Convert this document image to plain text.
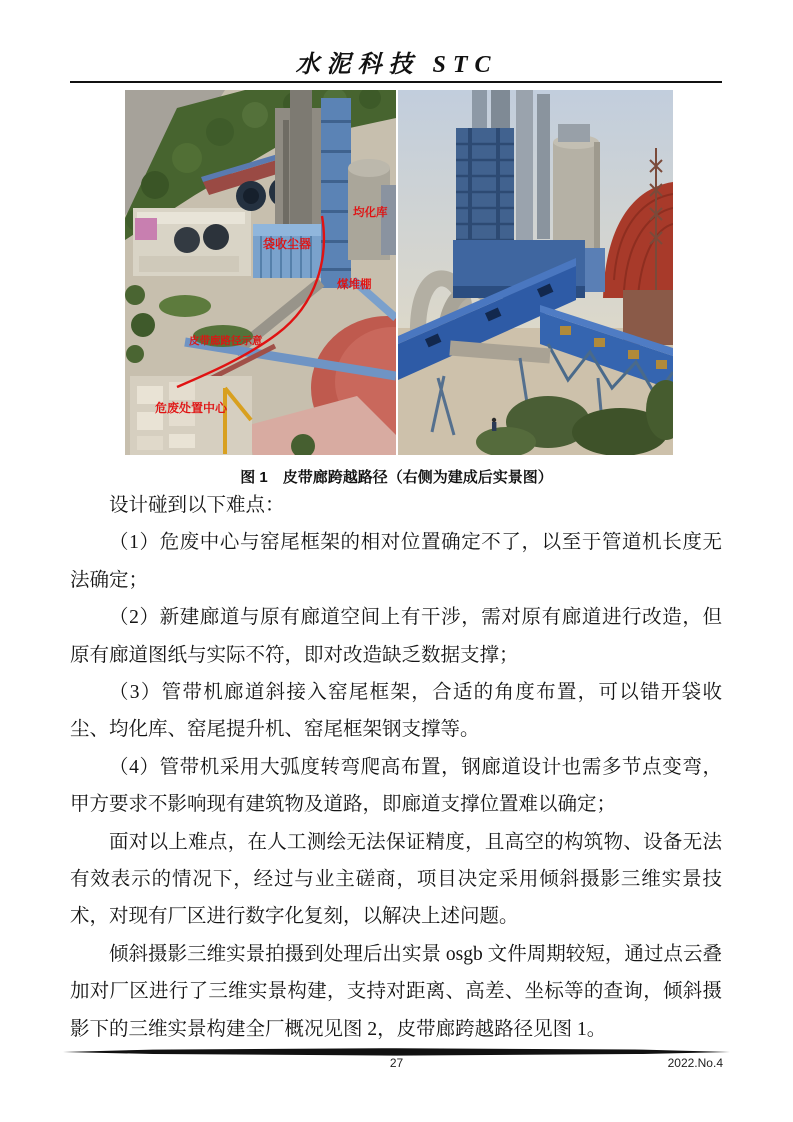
水泥科技 STC
均化库
袋收尘器
煤堆棚
皮带廊路径示意
危废处置中心
图 1　皮带廊跨越路径（右侧为建成后实景图）

设计碰到以下难点：

（1）危废中心与窑尾框架的相对位置确定不了，以至于管道机长度无法确定；

（2）新建廊道与原有廊道空间上有干涉，需对原有廊道进行改造，但原有廊道图纸与实际不符，即对改造缺乏数据支撑；

（3）管带机廊道斜接入窑尾框架，合适的角度布置，可以错开袋收尘、均化库、窑尾提升机、窑尾框架钢支撑等。

（4）管带机采用大弧度转弯爬高布置，钢廊道设计也需多节点变弯，甲方要求不影响现有建筑物及道路，即廊道支撑位置难以确定；

面对以上难点，在人工测绘无法保证精度，且高空的构筑物、设备无法有效表示的情况下，经过与业主磋商，项目决定采用倾斜摄影三维实景技术，对现有厂区进行数字化复刻，以解决上述问题。

倾斜摄影三维实景拍摄到处理后出实景 osgb 文件周期较短，通过点云叠加对厂区进行了三维实景构建，支持对距离、高差、坐标等的查询，倾斜摄影下的三维实景构建全厂概况见图 2，皮带廊跨越路径见图 1。

27	2022.No.4
